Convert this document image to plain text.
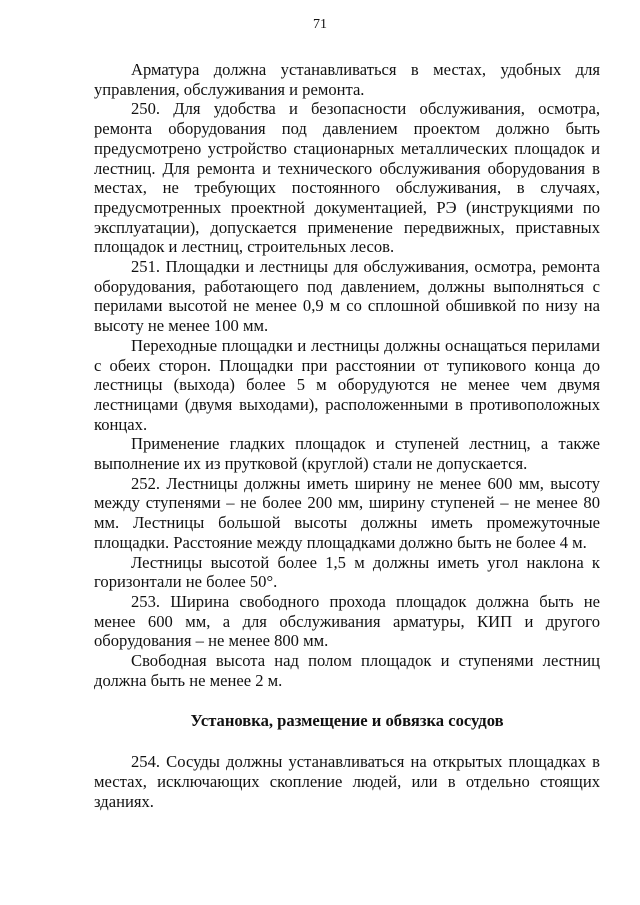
71

Арматура должна устанавливаться в местах, удобных для управления, обслуживания и ремонта.

250. Для удобства и безопасности обслуживания, осмотра, ремонта оборудования под давлением проектом должно быть предусмотрено устройство стационарных металлических площадок и лестниц. Для ремонта и технического обслуживания оборудования в местах, не требующих постоянного обслуживания, в случаях, предусмотренных проектной документацией, РЭ (инструкциями по эксплуатации), допускается применение передвижных, приставных площадок и лестниц, строительных лесов.

251. Площадки и лестницы для обслуживания, осмотра, ремонта оборудования, работающего под давлением, должны выполняться с перилами высотой не менее 0,9 м со сплошной обшивкой по низу на высоту не менее 100 мм.

Переходные площадки и лестницы должны оснащаться перилами с обеих сторон. Площадки при расстоянии от тупикового конца до лестницы (выхода) более 5 м оборудуются не менее чем двумя лестницами (двумя выходами), расположенными в противоположных концах.

Применение гладких площадок и ступеней лестниц, а также выполнение их из прутковой (круглой) стали не допускается.

252. Лестницы должны иметь ширину не менее 600 мм, высоту между ступенями – не более 200 мм, ширину ступеней – не менее 80 мм. Лестницы большой высоты должны иметь промежуточные площадки. Расстояние между площадками должно быть не более 4 м.

Лестницы высотой более 1,5 м должны иметь угол наклона к горизонтали не более 50°.

253. Ширина свободного прохода площадок должна быть не менее 600 мм, а для обслуживания арматуры, КИП и другого оборудования – не менее 800 мм.

Свободная высота над полом площадок и ступенями лестниц должна быть не менее 2 м.

Установка, размещение и обвязка сосудов

254. Сосуды должны устанавливаться на открытых площадках в местах, исключающих скопление людей, или в отдельно стоящих зданиях.
